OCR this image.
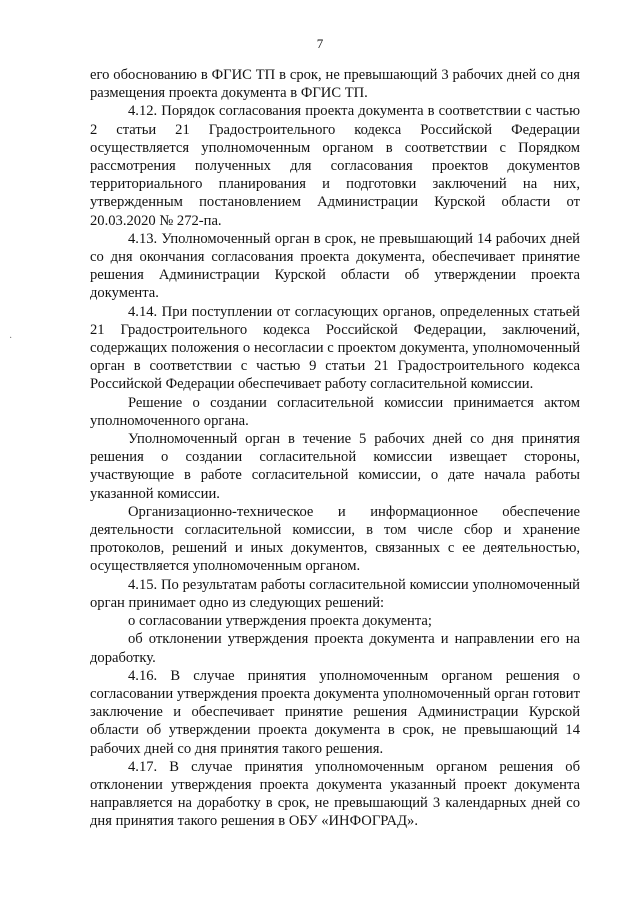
7
·

его обоснованию в ФГИС ТП в срок, не превышающий 3 рабочих дней со дня размещения проекта документа в ФГИС ТП.

4.12. Порядок согласования проекта документа в соответствии с частью 2 статьи 21 Градостроительного кодекса Российской Федерации осуществляется уполномоченным органом в соответствии с Порядком рассмотрения полученных для согласования проектов документов территориального планирования и подготовки заключений на них, утвержденным постановлением Администрации Курской области от 20.03.2020 № 272-па.

4.13. Уполномоченный орган в срок, не превышающий 14 рабочих дней со дня окончания согласования проекта документа, обеспечивает принятие решения Администрации Курской области об утверждении проекта документа.

4.14. При поступлении от согласующих органов, определенных статьей 21 Градостроительного кодекса Российской Федерации, заключений, содержащих положения о несогласии с проектом документа, уполномоченный орган в соответствии с частью 9 статьи 21 Градостроительного кодекса Российской Федерации обеспечивает работу согласительной комиссии.

Решение о создании согласительной комиссии принимается актом уполномоченного органа.

Уполномоченный орган в течение 5 рабочих дней со дня принятия решения о создании согласительной комиссии извещает стороны, участвующие в работе согласительной комиссии, о дате начала работы указанной комиссии.

Организационно-техническое и информационное обеспечение деятельности согласительной комиссии, в том числе сбор и хранение протоколов, решений и иных документов, связанных с ее деятельностью, осуществляется уполномоченным органом.

4.15. По результатам работы согласительной комиссии уполномоченный орган принимает одно из следующих решений:

о согласовании утверждения проекта документа;

об отклонении утверждения проекта документа и направлении его на доработку.

4.16. В случае принятия уполномоченным органом решения о согласовании утверждения проекта документа уполномоченный орган готовит заключение и обеспечивает принятие решения Администрации Курской области об утверждении проекта документа в срок, не превышающий 14 рабочих дней со дня принятия такого решения.

4.17. В случае принятия уполномоченным органом решения об отклонении утверждения проекта документа указанный проект документа направляется на доработку в срок, не превышающий 3 календарных дней со дня принятия такого решения в ОБУ «ИНФОГРАД».
